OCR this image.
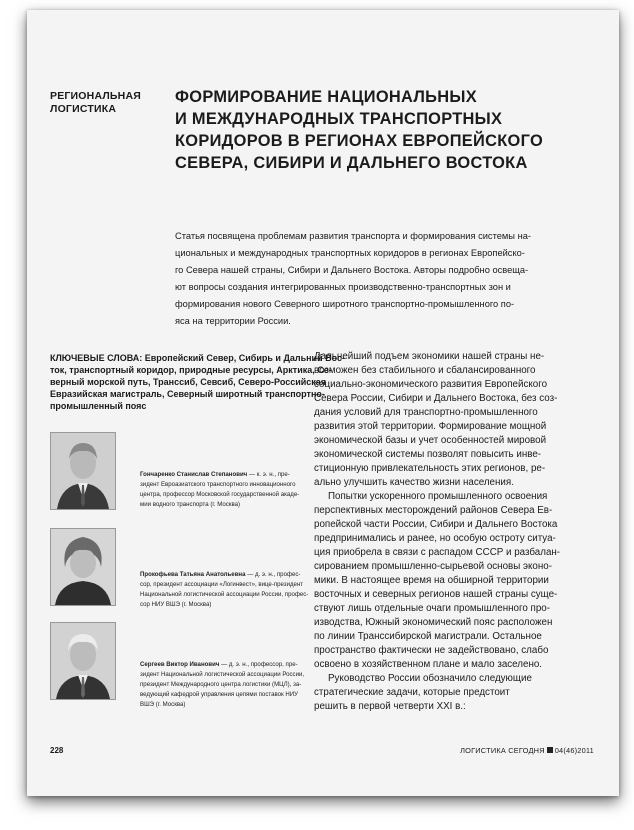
РЕГИОНАЛЬНАЯ
ЛОГИСТИКА
ФОРМИРОВАНИЕ НАЦИОНАЛЬНЫХ
И МЕЖДУНАРОДНЫХ ТРАНСПОРТНЫХ
КОРИДОРОВ В РЕГИОНАХ ЕВРОПЕЙСКОГО
СЕВЕРА, СИБИРИ И ДАЛЬНЕГО ВОСТОКА
Статья посвящена проблемам развития транспорта и формирования системы на-
циональных и международных транспортных коридоров в регионах Европейско-
го Севера нашей страны, Сибири и Дальнего Востока. Авторы подробно освеща-
ют вопросы создания интегрированных производственно-транспортных зон и
формирования нового Северного широтного транспортно-промышленного по-
яса на территории России.
КЛЮЧЕВЫЕ СЛОВА: Европейский Север, Сибирь и Дальний Вос-
ток, транспортный коридор, природные ресурсы, Арктика, Се-
верный морской путь, Транссиб, Севсиб, Северо-Российская
Евразийская магистраль, Северный широтный транспортно-
промышленный пояс
Гончаренко Станислав Степанович — к. э. н., пре-
зидент Евроазиатского транспортного инновационного
центра, профессор Московской государственной акаде-
мии водного транспорта (г. Москва)
Прокофьева Татьяна Анатольевна — д. э. н., профес-
сор, президент ассоциации «Логинвест», вице-президент
Национальной логистической ассоциации России, профес-
сор НИУ ВШЭ (г. Москва)
Сергеев Виктор Иванович — д. э. н., профессор, пре-
зидент Национальной логистической ассоциации России,
президент Международного центра логистики (МЦЛ), за-
ведующий кафедрой управления цепями поставок НИУ
ВШЭ (г. Москва)
Дальнейший подъем экономики нашей страны не-
возможен без стабильного и сбалансированного
социально-экономического развития Европейского
Севера России, Сибири и Дальнего Востока, без соз-
дания условий для транспортно-промышленного
развития этой территории. Формирование мощной
экономической базы и учет особенностей мировой
экономической системы позволят повысить инве-
стиционную привлекательность этих регионов, ре-
ально улучшить качество жизни населения.
Попытки ускоренного промышленного освоения
перспективных месторождений районов Севера Ев-
ропейской части России, Сибири и Дальнего Востока
предпринимались и ранее, но особую остроту ситуа-
ция приобрела в связи с распадом СССР и разбалан-
сированием промышленно-сырьевой основы эконо-
мики. В настоящее время на обширной территории
восточных и северных регионов нашей страны суще-
ствуют лишь отдельные очаги промышленного про-
изводства, Южный экономический пояс расположен
по линии Транссибирской магистрали. Остальное
пространство фактически не задействовано, слабо
освоено в хозяйственном плане и мало заселено.
Руководство России обозначило следующие
стратегические задачи, которые предстоит
решить в первой четверти XXI в.:
228	ЛОГИСТИКА СЕГОДНЯ 04(46)2011
